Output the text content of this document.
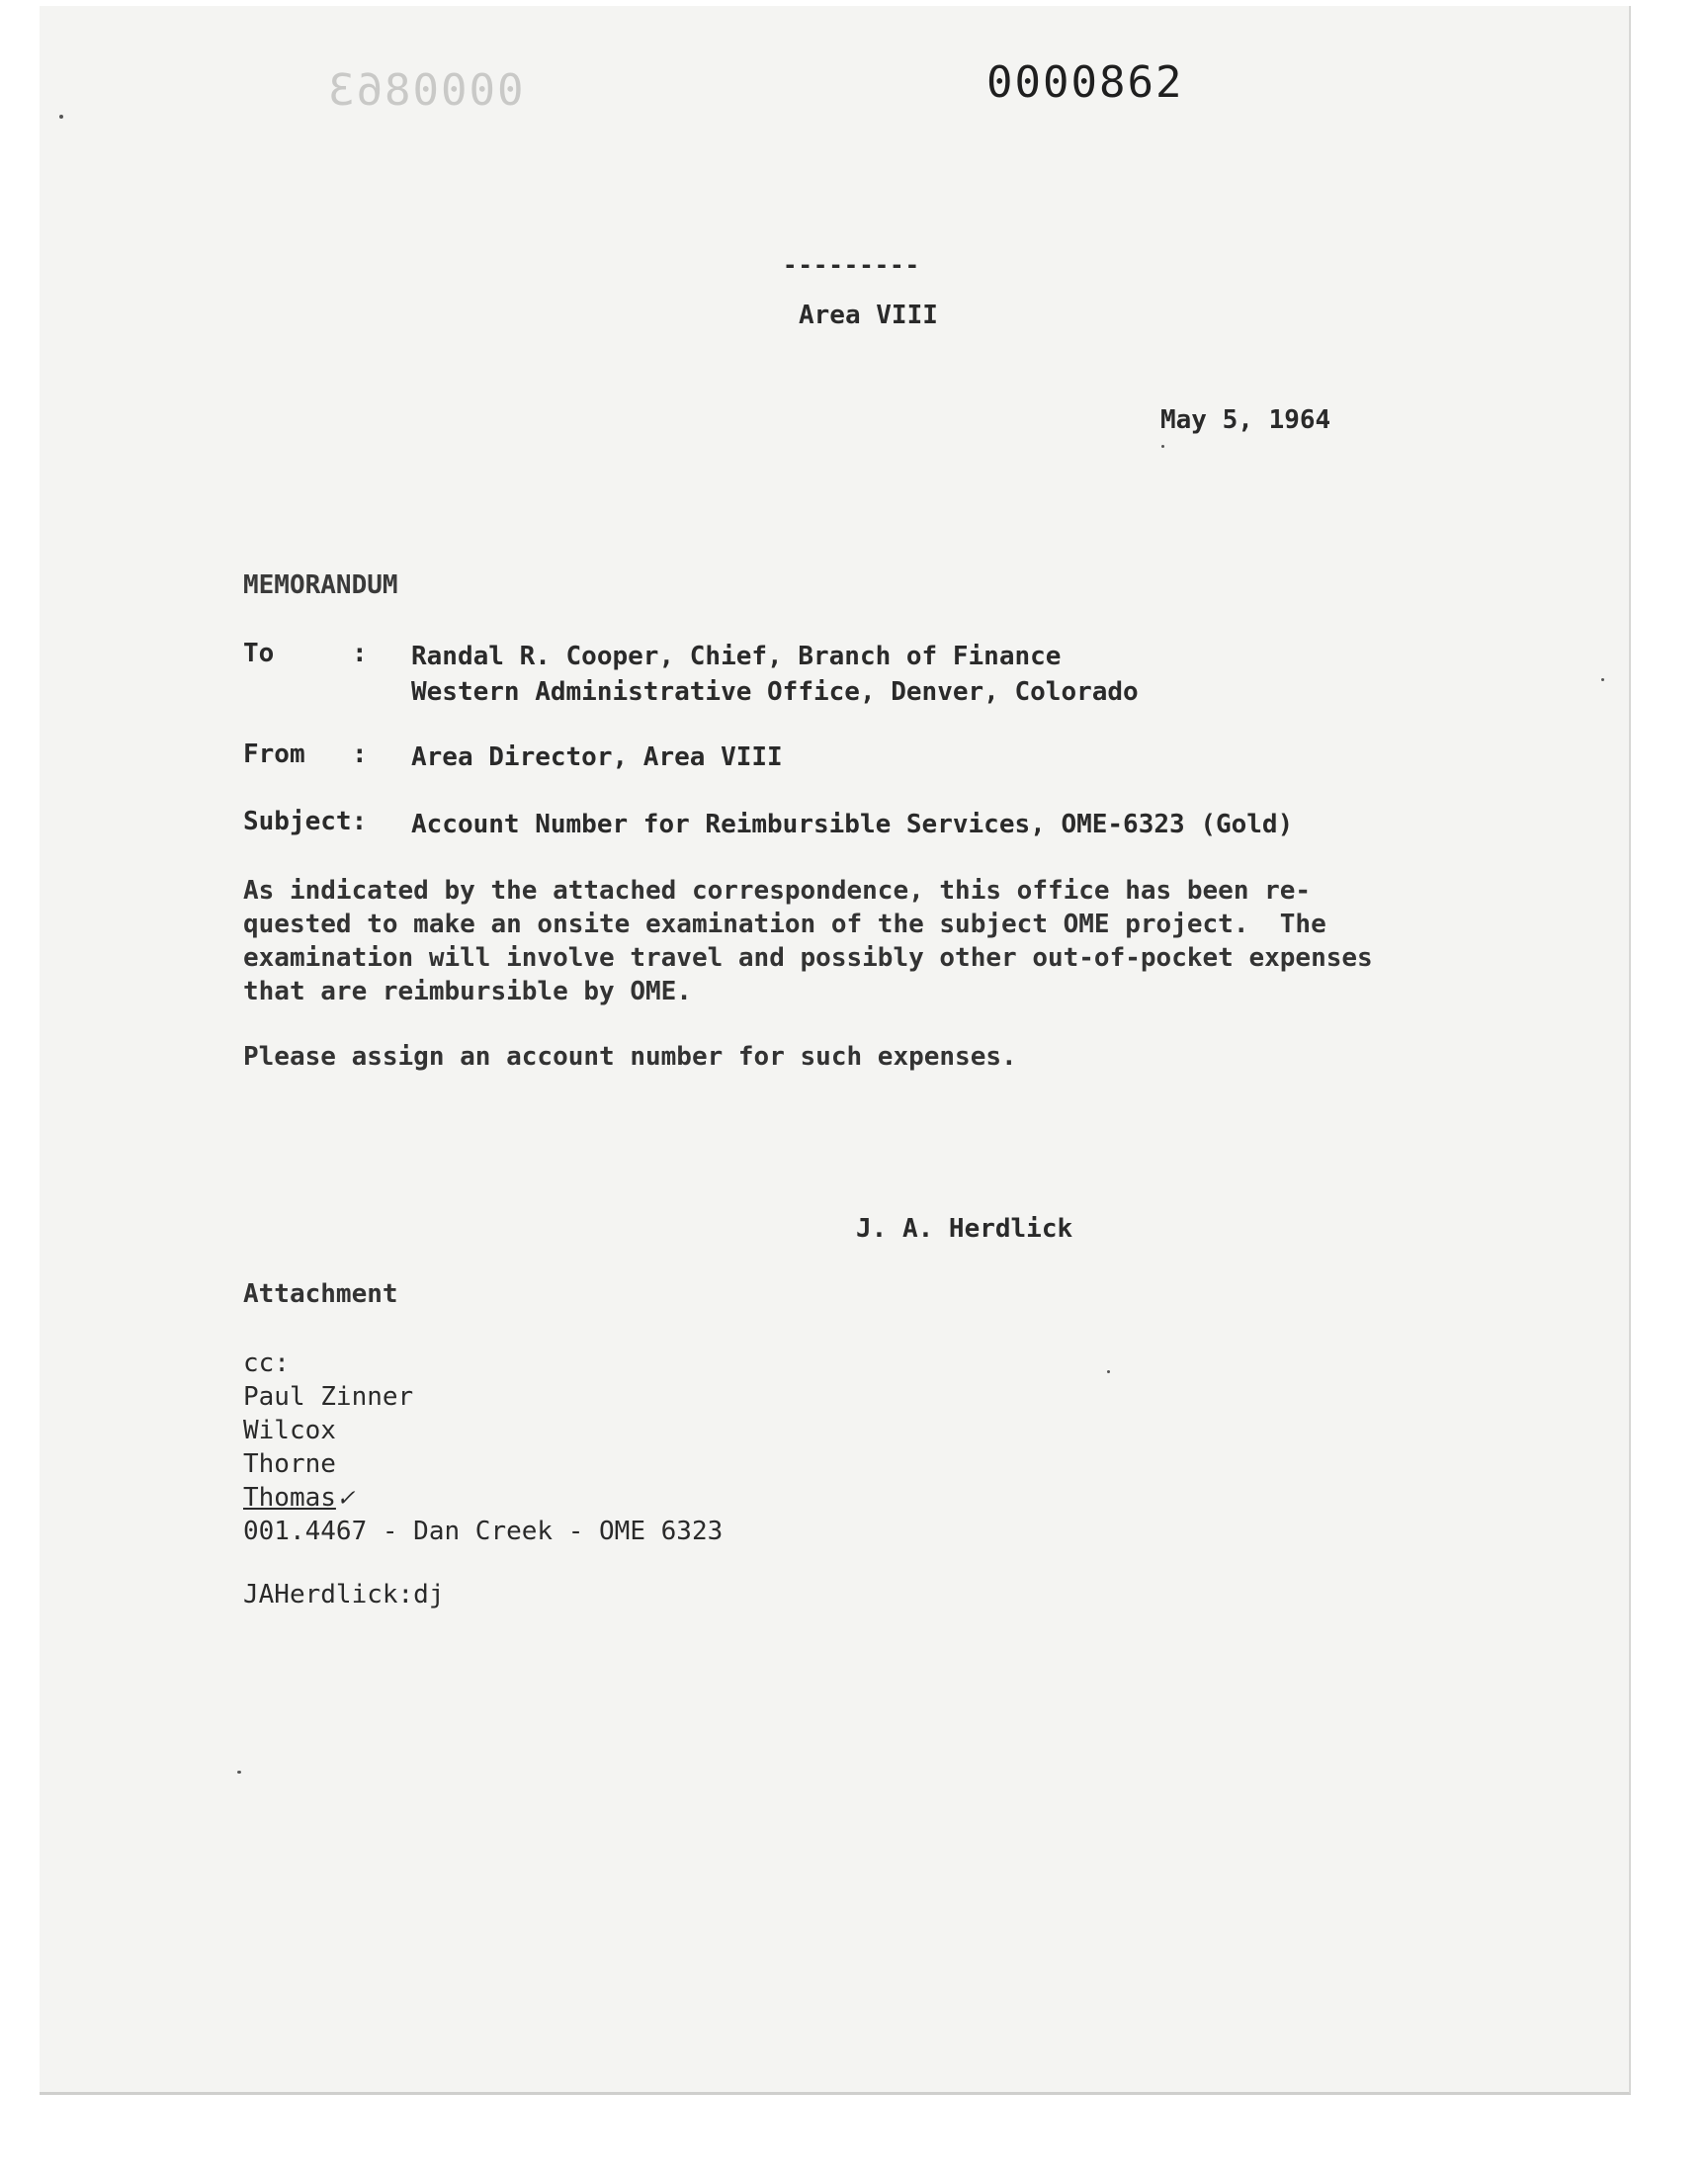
0000863	0000862
---------
Area VIII
May 5, 1964
MEMORANDUM
To	: Randal R. Cooper, Chief, Branch of Finance
Western Administrative Office, Denver, Colorado
From : Area Director, Area VIII
Subject: Account Number for Reimbursible Services, OME-6323 (Gold)
As indicated by the attached correspondence, this office has been re-
quested to make an onsite examination of the subject OME project.  The
examination will involve travel and possibly other out-of-pocket expenses
that are reimbursible by OME.
Please assign an account number for such expenses.
J. A. Herdlick
Attachment
cc:
Paul Zinner
Wilcox
Thorne
Thomas✓
001.4467 - Dan Creek - OME 6323
JAHerdlick:dj
